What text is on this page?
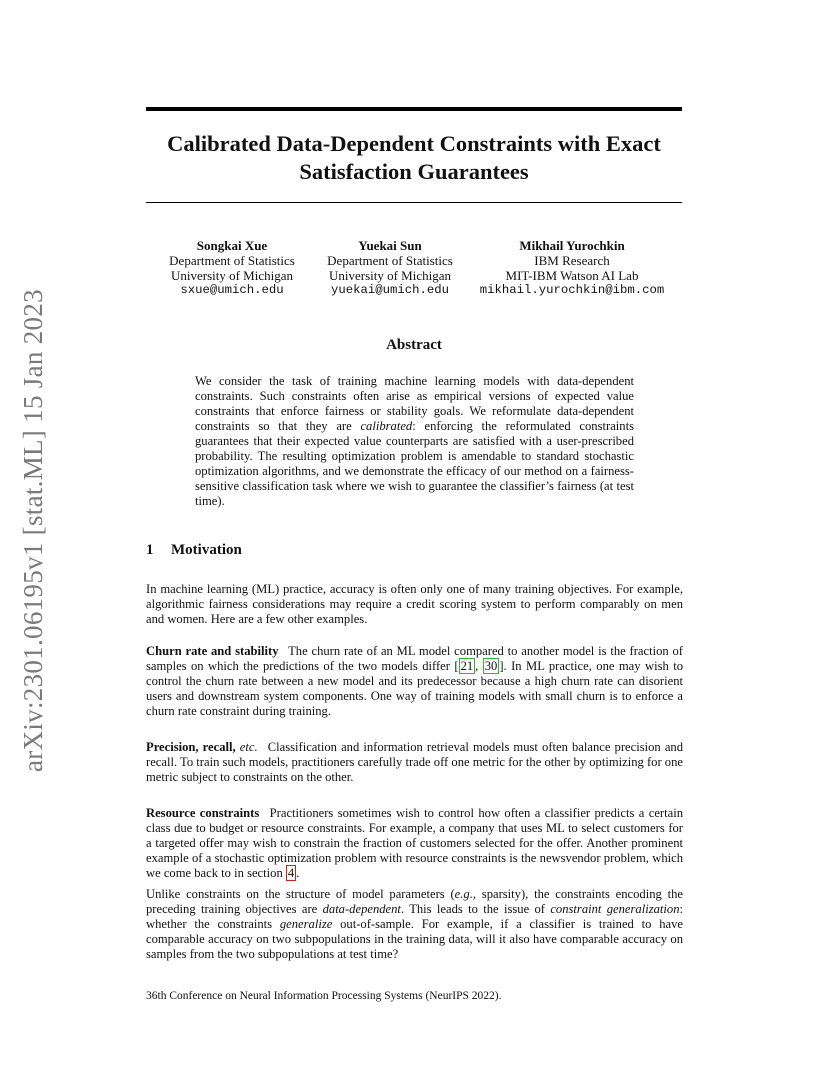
arXiv:2301.06195v1 [stat.ML] 15 Jan 2023
Calibrated Data-Dependent Constraints with Exact Satisfaction Guarantees
Songkai Xue
Department of Statistics
University of Michigan
sxue@umich.edu
Yuekai Sun
Department of Statistics
University of Michigan
yuekai@umich.edu
Mikhail Yurochkin
IBM Research
MIT-IBM Watson AI Lab
mikhail.yurochkin@ibm.com
Abstract

We consider the task of training machine learning models with data-dependent constraints. Such constraints often arise as empirical versions of expected value constraints that enforce fairness or stability goals. We reformulate data-dependent constraints so that they are calibrated: enforcing the reformulated constraints guarantees that their expected value counterparts are satisfied with a user-prescribed probability. The resulting optimization problem is amendable to standard stochastic optimization algorithms, and we demonstrate the efficacy of our method on a fairness-sensitive classification task where we wish to guarantee the classifier’s fairness (at test time).

1 Motivation

In machine learning (ML) practice, accuracy is often only one of many training objectives. For example, algorithmic fairness considerations may require a credit scoring system to perform comparably on men and women. Here are a few other examples.

Churn rate and stability The churn rate of an ML model compared to another model is the fraction of samples on which the predictions of the two models differ [ 21 , 30 ]. In ML practice, one may wish to control the churn rate between a new model and its predecessor because a high churn rate can disorient users and downstream system components. One way of training models with small churn is to enforce a churn rate constraint during training.

Precision, recall, etc. Classification and information retrieval models must often balance precision and recall. To train such models, practitioners carefully trade off one metric for the other by optimizing for one metric subject to constraints on the other.

Resource constraints Practitioners sometimes wish to control how often a classifier predicts a certain class due to budget or resource constraints. For example, a company that uses ML to select customers for a targeted offer may wish to constrain the fraction of customers selected for the offer. Another prominent example of a stochastic optimization problem with resource constraints is the newsvendor problem, which we come back to in section 4 .

Unlike constraints on the structure of model parameters (e.g., sparsity), the constraints encoding the preceding training objectives are data-dependent. This leads to the issue of constraint generalization: whether the constraints generalize out-of-sample. For example, if a classifier is trained to have comparable accuracy on two subpopulations in the training data, will it also have comparable accuracy on samples from the two subpopulations at test time?

36th Conference on Neural Information Processing Systems (NeurIPS 2022).
